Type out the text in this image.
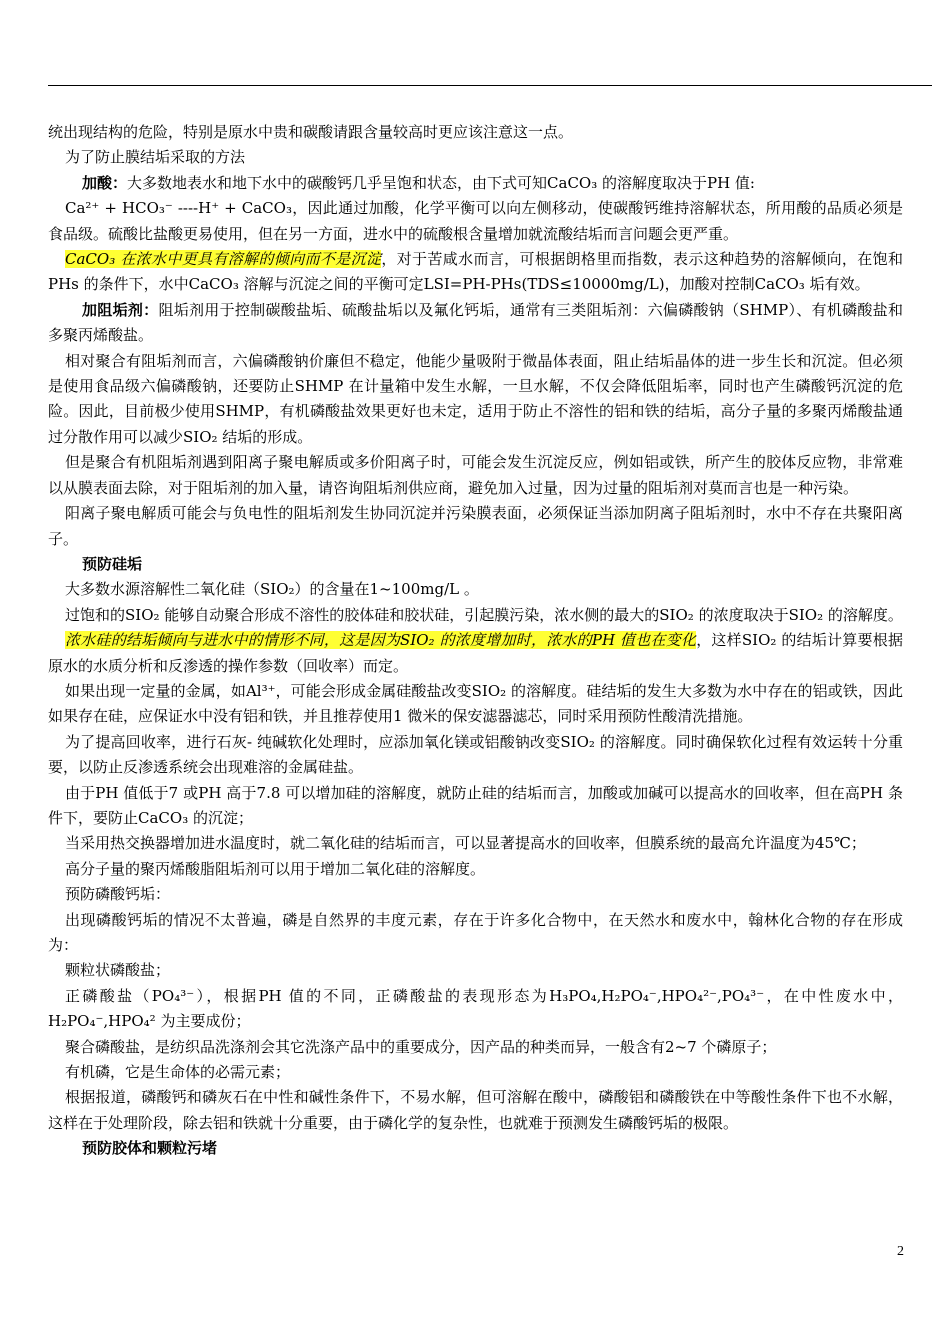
统出现结构的危险，特别是原水中贵和碳酸请跟含量较高时更应该注意这一点。

为了防止膜结垢采取的方法

加酸：大多数地表水和地下水中的碳酸钙几乎呈饱和状态，由下式可知CaCO₃ 的溶解度取决于PH 值:

Ca²⁺ + HCO₃⁻ ----H⁺ + CaCO₃，因此通过加酸，化学平衡可以向左侧移动，使碳酸钙维持溶解状态，所用酸的品质必须是食品级。硫酸比盐酸更易使用，但在另一方面，进水中的硫酸根含量增加就流酸结垢而言问题会更严重。

CaCO₃ 在浓水中更具有溶解的倾向而不是沉淀，对于苦咸水而言，可根据朗格里而指数，表示这种趋势的溶解倾向，在饱和PHs 的条件下，水中CaCO₃ 溶解与沉淀之间的平衡可定LSI=PH-PHs(TDS≤10000mg/L)，加酸对控制CaCO₃ 垢有效。

加阻垢剂：阻垢剂用于控制碳酸盐垢、硫酸盐垢以及氟化钙垢，通常有三类阻垢剂：六偏磷酸钠（SHMP）、有机磷酸盐和多聚丙烯酸盐。

相对聚合有阻垢剂而言，六偏磷酸钠价廉但不稳定，他能少量吸附于微晶体表面，阻止结垢晶体的进一步生长和沉淀。但必须是使用食品级六偏磷酸钠，还要防止SHMP 在计量箱中发生水解，一旦水解，不仅会降低阻垢率，同时也产生磷酸钙沉淀的危险。因此，目前极少使用SHMP，有机磷酸盐效果更好也未定，适用于防止不溶性的铝和铁的结垢，高分子量的多聚丙烯酸盐通过分散作用可以减少SIO₂ 结垢的形成。

但是聚合有机阻垢剂遇到阳离子聚电解质或多价阳离子时，可能会发生沉淀反应，例如铝或铁，所产生的胶体反应物，非常难以从膜表面去除，对于阻垢剂的加入量，请咨询阻垢剂供应商，避免加入过量，因为过量的阻垢剂对莫而言也是一种污染。

阳离子聚电解质可能会与负电性的阻垢剂发生协同沉淀并污染膜表面，必须保证当添加阴离子阻垢剂时，水中不存在共聚阳离子。

预防硅垢

大多数水源溶解性二氧化硅（SIO₂）的含量在1~100mg/L 。

过饱和的SIO₂ 能够自动聚合形成不溶性的胶体硅和胶状硅，引起膜污染，浓水侧的最大的SIO₂ 的浓度取决于SIO₂ 的溶解度。

浓水硅的结垢倾向与进水中的情形不同，这是因为SIO₂ 的浓度增加时，浓水的PH 值也在变化，这样SIO₂ 的结垢计算要根据原水的水质分析和反渗透的操作参数（回收率）而定。

如果出现一定量的金属，如Al³⁺，可能会形成金属硅酸盐改变SIO₂ 的溶解度。硅结垢的发生大多数为水中存在的铝或铁，因此如果存在硅，应保证水中没有铝和铁，并且推荐使用1 微米的保安滤器滤芯，同时采用预防性酸清洗措施。

为了提高回收率，进行石灰- 纯碱软化处理时，应添加氧化镁或铝酸钠改变SIO₂ 的溶解度。同时确保软化过程有效运转十分重要，以防止反渗透系统会出现难溶的金属硅盐。

由于PH 值低于7 或PH 高于7.8 可以增加硅的溶解度，就防止硅的结垢而言，加酸或加碱可以提高水的回收率，但在高PH 条件下，要防止CaCO₃ 的沉淀；

当采用热交换器增加进水温度时，就二氧化硅的结垢而言，可以显著提高水的回收率，但膜系统的最高允许温度为45℃；

高分子量的聚丙烯酸脂阻垢剂可以用于增加二氧化硅的溶解度。

预防磷酸钙垢：

出现磷酸钙垢的情况不太普遍，磷是自然界的丰度元素，存在于许多化合物中，在天然水和废水中，翰林化合物的存在形成为：

颗粒状磷酸盐；

正磷酸盐（PO₄³⁻），根据PH 值的不同，正磷酸盐的表现形态为H₃PO₄,H₂PO₄⁻,HPO₄²⁻,PO₄³⁻，在中性废水中，H₂PO₄⁻,HPO₄² 为主要成份；

聚合磷酸盐，是纺织品洗涤剂会其它洗涤产品中的重要成分，因产品的种类而异，一般含有2~7 个磷原子；

有机磷，它是生命体的必需元素；

根据报道，磷酸钙和磷灰石在中性和碱性条件下，不易水解，但可溶解在酸中，磷酸铝和磷酸铁在中等酸性条件下也不水解，这样在于处理阶段，除去铝和铁就十分重要，由于磷化学的复杂性，也就难于预测发生磷酸钙垢的极限。

预防胶体和颗粒污堵

2
